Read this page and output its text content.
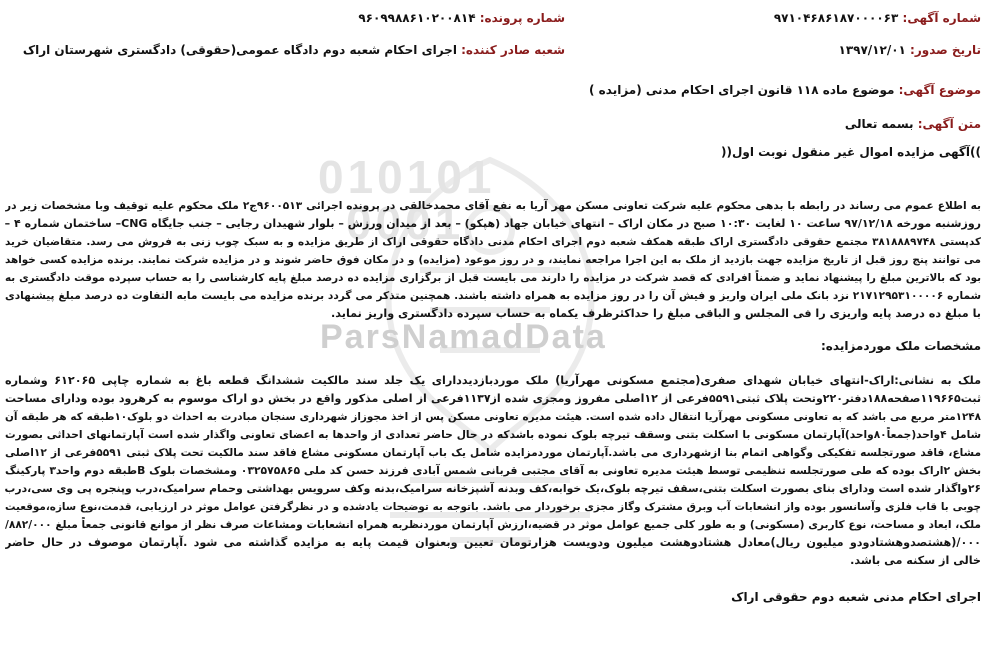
010101
0001
ParsNamadData
شماره آگهی: ۹۷۱۰۴۶۸۶۱۸۷۰۰۰۰۶۳
شماره پرونده: ۹۶۰۹۹۸۸۶۱۰۲۰۰۸۱۴
تاریخ صدور: ۱۳۹۷/۱۲/۰۱
شعبه صادر کننده: اجرای احکام شعبه دوم دادگاه عمومی(حقوقی) دادگستری شهرستان اراک
موضوع آگهی: موضوع ماده ۱۱۸ قانون اجرای احکام مدنی (مزایده )
متن آگهی: بسمه تعالی
))آگهی مزایده اموال غیر منقول نوبت اول((
به اطلاع عموم می رساند در رابطه با بدهی محکوم علیه شرکت تعاونی مسکن مهر آریا به نفع آقای محمدخالقی در پرونده اجرائی ۹۶۰۰۵۱۳ج۲ ملک محکوم علیه توقیف وبا مشخصات زیر در
روزشنبه مورخه ۹۷/۱۲/۱۸ ساعت ۱۰ لغایت ۱۰:۳۰ صبح در مکان اراک – انتهای خیابان جهاد (هپکو) – بعد از میدان ورزش – بلوار شهیدان رجایی – جنب جایگاه CNG– ساختمان شماره ۴ –
کدپستی ۳۸۱۸۸۸۹۷۴۸ مجتمع حقوقی دادگستری اراک طبقه همکف شعبه دوم اجرای احکام مدنی دادگاه حقوقی اراک از طریق مزایده و به سبک چوب زنی به فروش می رسد. متقاضیان خرید
می توانند پنج روز قبل از تاریخ مزایده جهت بازدید از ملک به این اجرا مراجعه نمایند، و در روز موعود (مزایده) و در مکان فوق حاضر شوند و در مزایده شرکت نمایند. برنده مزایده کسی خواهد
بود که بالاترین مبلغ را پیشنهاد نماید و ضمناً افرادی که قصد شرکت در مزایده را دارند می بایست قبل از برگزاری مزایده ده درصد مبلغ پایه کارشناسی را به حساب سپرده موقت دادگستری به
شماره ۲۱۷۱۲۹۵۳۱۰۰۰۰۶ نزد بانک ملی ایران واریز و فیش آن را در روز مزایده به همراه داشته باشند. همچنین متذکر می گردد برنده مزایده می بایست مابه التفاوت ده درصد مبلغ پیشنهادی
با مبلغ ده درصد پایه واریزی را فی المجلس و الباقی مبلغ را حداکثرظرف یکماه به حساب سپرده دادگستری واریز نماید.
مشخصات ملک موردمزایده:
ملک به نشانی:اراک-انتهای خیابان شهدای صفری(مجتمع مسکونی مهرآریا) ملک موردبازدیددارای یک جلد سند مالکیت ششدانگ قطعه باغ به شماره چاپی ۶۱۲۰۶۵ وشماره
ثبت۱۱۹۶۶۵صفحه۱۸۸دفتر۲۲۰وتحت پلاک ثبتی۵۵۹۱فرعی از ۱۲اصلی مفروز ومجزی شده از۱۱۳۷فرعی از اصلی مذکور واقع در بخش دو اراک موسوم به کرهرود بوده ودارای مساحت
۱۲۴۸متر مربع می باشد که به تعاونی مسکونی مهرآریا انتقال داده شده است. هیئت مدیره تعاونی مسکن پس از اخذ مجوزاز شهرداری سنجان مبادرت به احداث دو بلوک۱۰طبقه که هر طبقه آن
شامل ۴واحد(جمعاً۸۰واحد)آپارتمان مسکونی با اسکلت بتنی وسقف تیرچه بلوک نموده باشدکه در حال حاضر تعدادی از واحدها به اعضای تعاونی واگذار شده است آپارتمانهای احداثی بصورت
مشاع، فاقد صورتجلسه تفکیکی وگواهی اتمام بنا ازشهرداری می باشد.آپارتمان موردمزایده شامل یک باب آپارتمان مسکونی مشاع فاقد سند مالکیت تحت پلاک ثبتی ۵۵۹۱فرعی از ۱۲اصلی
بخش ۲اراک بوده که طی صورتجلسه تنظیمی توسط هیئت مدیره تعاونی به آقای مجتبی قربانی شمس آبادی فرزند حسن کد ملی ۰۳۲۵۷۵۸۶۵ ومشخصات بلوک Bطبقه دوم واحد۳ پارکینگ
۲۶واگذار شده است ودارای بنای بصورت اسکلت بتنی،سقف تیرچه بلوک،یک خوابه،کف وبدنه آشپزخانه سرامیک،بدنه وکف سرویس بهداشتی وحمام سرامیک،درب وپنجره پی وی سی،درب
چوبی با قاب فلزی وآسانسور بوده واز انشعابات آب وبرق مشترک وگاز مجزی برخوردار می باشد. باتوجه به توضیحات یادشده و در نظرگرفتن عوامل موثر در ارزیابی، قدمت،نوع سازه،موقعیت
ملک، ابعاد و مساحت، نوع کاربری (مسکونی) و به طور کلی جمیع عوامل موثر در قضیه،ارزش آپارتمان موردنظربه همراه انشعابات ومشاعات صرف نظر از موانع قانونی جمعاً مبلغ ۸۸۲/۰۰۰/
۰۰۰/(هشتصدوهشتادودو میلیون ریال)معادل هشتادوهشت میلیون ودویست هزارتومان تعیین وبعنوان قیمت پایه به مزایده گذاشته می شود .آپارتمان موصوف در حال حاضر
خالی از سکنه می باشد.
اجرای احکام مدنی شعبه دوم حقوقی اراک
